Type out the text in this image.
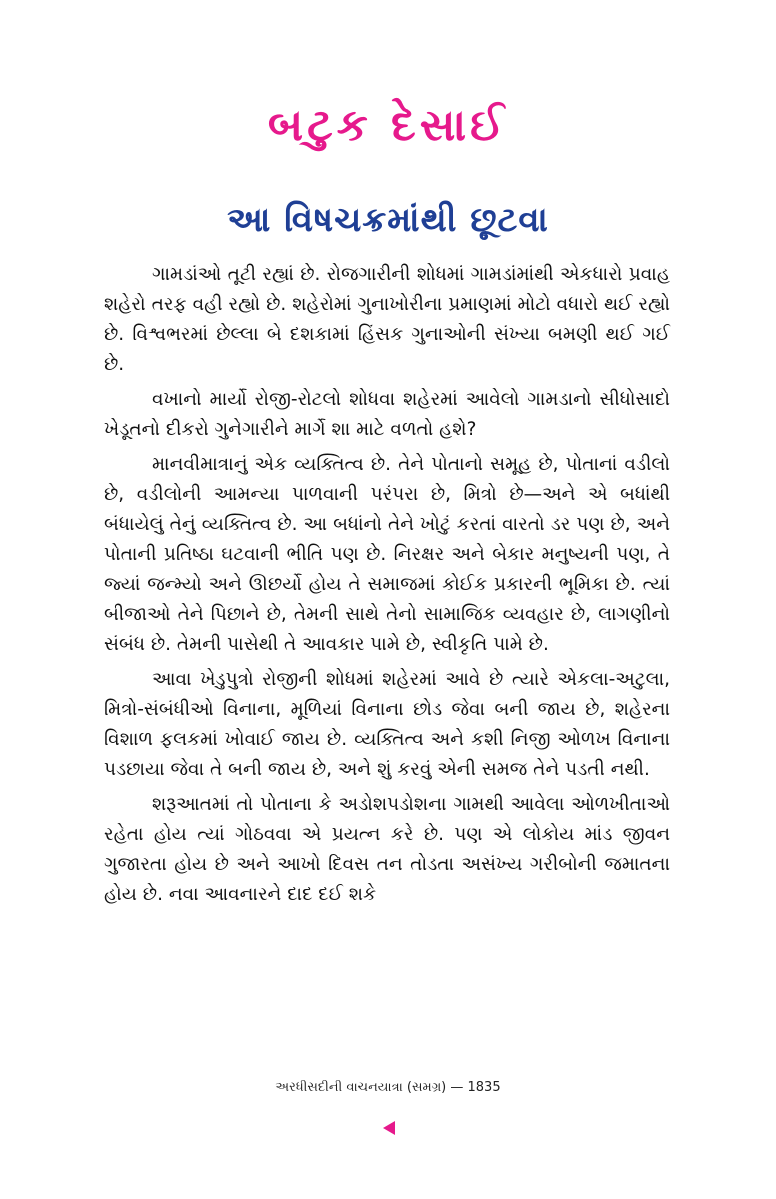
બટુક દેસાઈ
આ વિષચક્રમાંથી છૂટવા

ગામડાંઓ તૂટી રહ્યાં છે. રોજગારીની શોધમાં ગામડાંમાંથી એકધારો પ્રવાહ શહેરો તરફ વહી રહ્યો છે. શહેરોમાં ગુનાખોરીના પ્રમાણમાં મોટો વધારો થઈ રહ્યો છે. વિશ્વભરમાં છેલ્લા બે દશકામાં હિંસક ગુનાઓની સંખ્યા બમણી થઈ ગઈ છે.

વખાનો માર્યો રોજી-રોટલો શોધવા શહેરમાં આવેલો ગામડાનો સીધોસાદો ખેડૂતનો દીકરો ગુનેગારીને માર્ગે શા માટે વળતો હશે?

માનવીમાત્રાનું એક વ્યક્તિત્વ છે. તેને પોતાનો સમૂહ છે, પોતાનાં વડીલો છે, વડીલોની આમન્યા પાળવાની પરંપરા છે, મિત્રો છે—અને એ બધાંથી બંધાયેલું તેનું વ્યક્તિત્વ છે. આ બધાંનો તેને ખોટું કરતાં વારતો ડર પણ છે, અને પોતાની પ્રતિષ્ઠા ઘટવાની ભીતિ પણ છે. નિરક્ષર અને બેકાર મનુષ્યની પણ, તે જ્યાં જન્મ્યો અને ઊછર્યો હોય તે સમાજમાં કોઈક પ્રકારની ભૂમિકા છે. ત્યાં બીજાઓ તેને પિછાને છે, તેમની સાથે તેનો સામાજિક વ્યવહાર છે, લાગણીનો સંબંધ છે. તેમની પાસેથી તે આવકાર પામે છે, સ્વીકૃતિ પામે છે.

આવા ખેડુપુત્રો રોજીની શોધમાં શહેરમાં આવે છે ત્યારે એકલા-અટુલા, મિત્રો-સંબંધીઓ વિનાના, મૂળિયાં વિનાના છોડ જેવા બની જાય છે, શહેરના વિશાળ ફલકમાં ખોવાઈ જાય છે. વ્યક્તિત્વ અને કશી નિજી ઓળખ વિનાના પડછાયા જેવા તે બની જાય છે, અને શું કરવું એની સમજ તેને પડતી નથી.

શરૂઆતમાં તો પોતાના કે અડોશપડોશના ગામથી આવેલા ઓળખીતાઓ રહેતા હોય ત્યાં ગોઠવવા એ પ્રયત્ન કરે છે. પણ એ લોકોય માંડ જીવન ગુજારતા હોય છે અને આખો દિવસ તન તોડતા અસંખ્ય ગરીબોની જમાતના હોય છે. નવા આવનારને દાદ દઈ શકે

અરધીસદીની વાચનયાત્રા (સમગ્ર) — 1835
